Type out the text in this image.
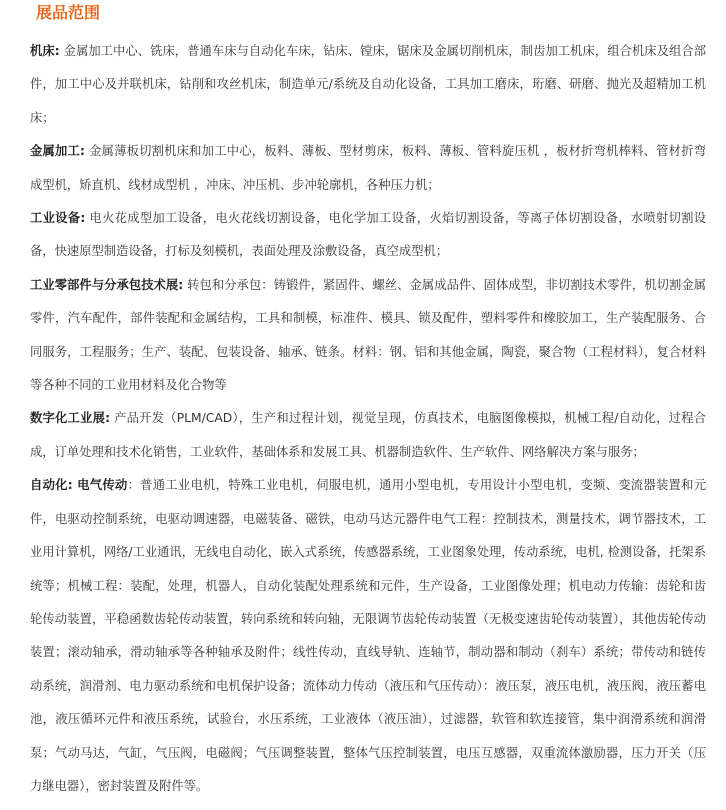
展品范围

机床: 金属加工中心、铣床，普通车床与自动化车床，钻床、镗床，锯床及金属切削机床，制齿加工机床，组合机床及组合部件，加工中心及并联机床，钻削和攻丝机床，制造单元/系统及自动化设备，工具加工磨床，珩磨、研磨、抛光及超精加工机床；

金属加工: 金属薄板切割机床和加工中心，板料、薄板、型材剪床，板料、薄板、管料旋压机 ，板材折弯机棒料、管材折弯成型机，矫直机、线材成型机 ，冲床、冲压机、步冲轮廓机，各种压力机；

工业设备: 电火花成型加工设备，电火花线切割设备，电化学加工设备，火焰切割设备，等离子体切割设备，水喷射切割设备，快速原型制造设备，打标及刻模机，表面处理及涂敷设备，真空成型机；

工业零部件与分承包技术展: 转包和分承包：铸锻件，紧固件、螺丝、金属成品件、固体成型，非切割技术零件，机切割金属零件，汽车配件，部件装配和金属结构，工具和制模，标准件、模具、锁及配件，塑料零件和橡胶加工，生产装配服务、合同服务，工程服务；生产、装配、包装设备、轴承、链条。材料：钢、铝和其他金属，陶瓷，聚合物（工程材料），复合材料等各种不同的工业用材料及化合物等

数字化工业展: 产品开发（PLM/CAD），生产和过程计划，视觉呈现，仿真技术，电脑图像模拟，机械工程/自动化，过程合成，订单处理和技术化销售，工业软件，基础体系和发展工具、机器制造软件、生产软件、网络解决方案与服务；

自动化: 电气传动：普通工业电机，特殊工业电机，伺服电机，通用小型电机，专用设计小型电机，变频、变流器装置和元件，电驱动控制系统，电驱动调速器，电磁装备、磁铁，电动马达元器件电气工程：控制技术，测量技术，调节器技术，工业用计算机，网络/工业通讯，无线电自动化，嵌入式系统，传感器系统，工业图象处理，传动系统，电机, 检测设备，托架系统等；机械工程：装配，处理，机器人，自动化装配处理系统和元件，生产设备，工业图像处理；机电动力传输：齿轮和齿轮传动装置，平稳函数齿轮传动装置，转向系统和转向轴，无限调节齿轮传动装置（无极变速齿轮传动装置），其他齿轮传动装置；滚动轴承，滑动轴承等各种轴承及附件；线性传动，直线导轨、连轴节，制动器和制动（刹车）系统；带传动和链传动系统，润滑剂、电力驱动系统和电机保护设备；流体动力传动（液压和气压传动）：液压泵，液压电机，液压阀，液压蓄电池，液压循环元件和液压系统，试验台，水压系统，工业液体（液压油），过滤器，软管和软连接管，集中润滑系统和润滑泵；气动马达，气缸，气压阀，电磁阀；气压调整装置，整体气压控制装置，电压互感器，双重流体激励器，压力开关（压力继电器），密封装置及附件等。
